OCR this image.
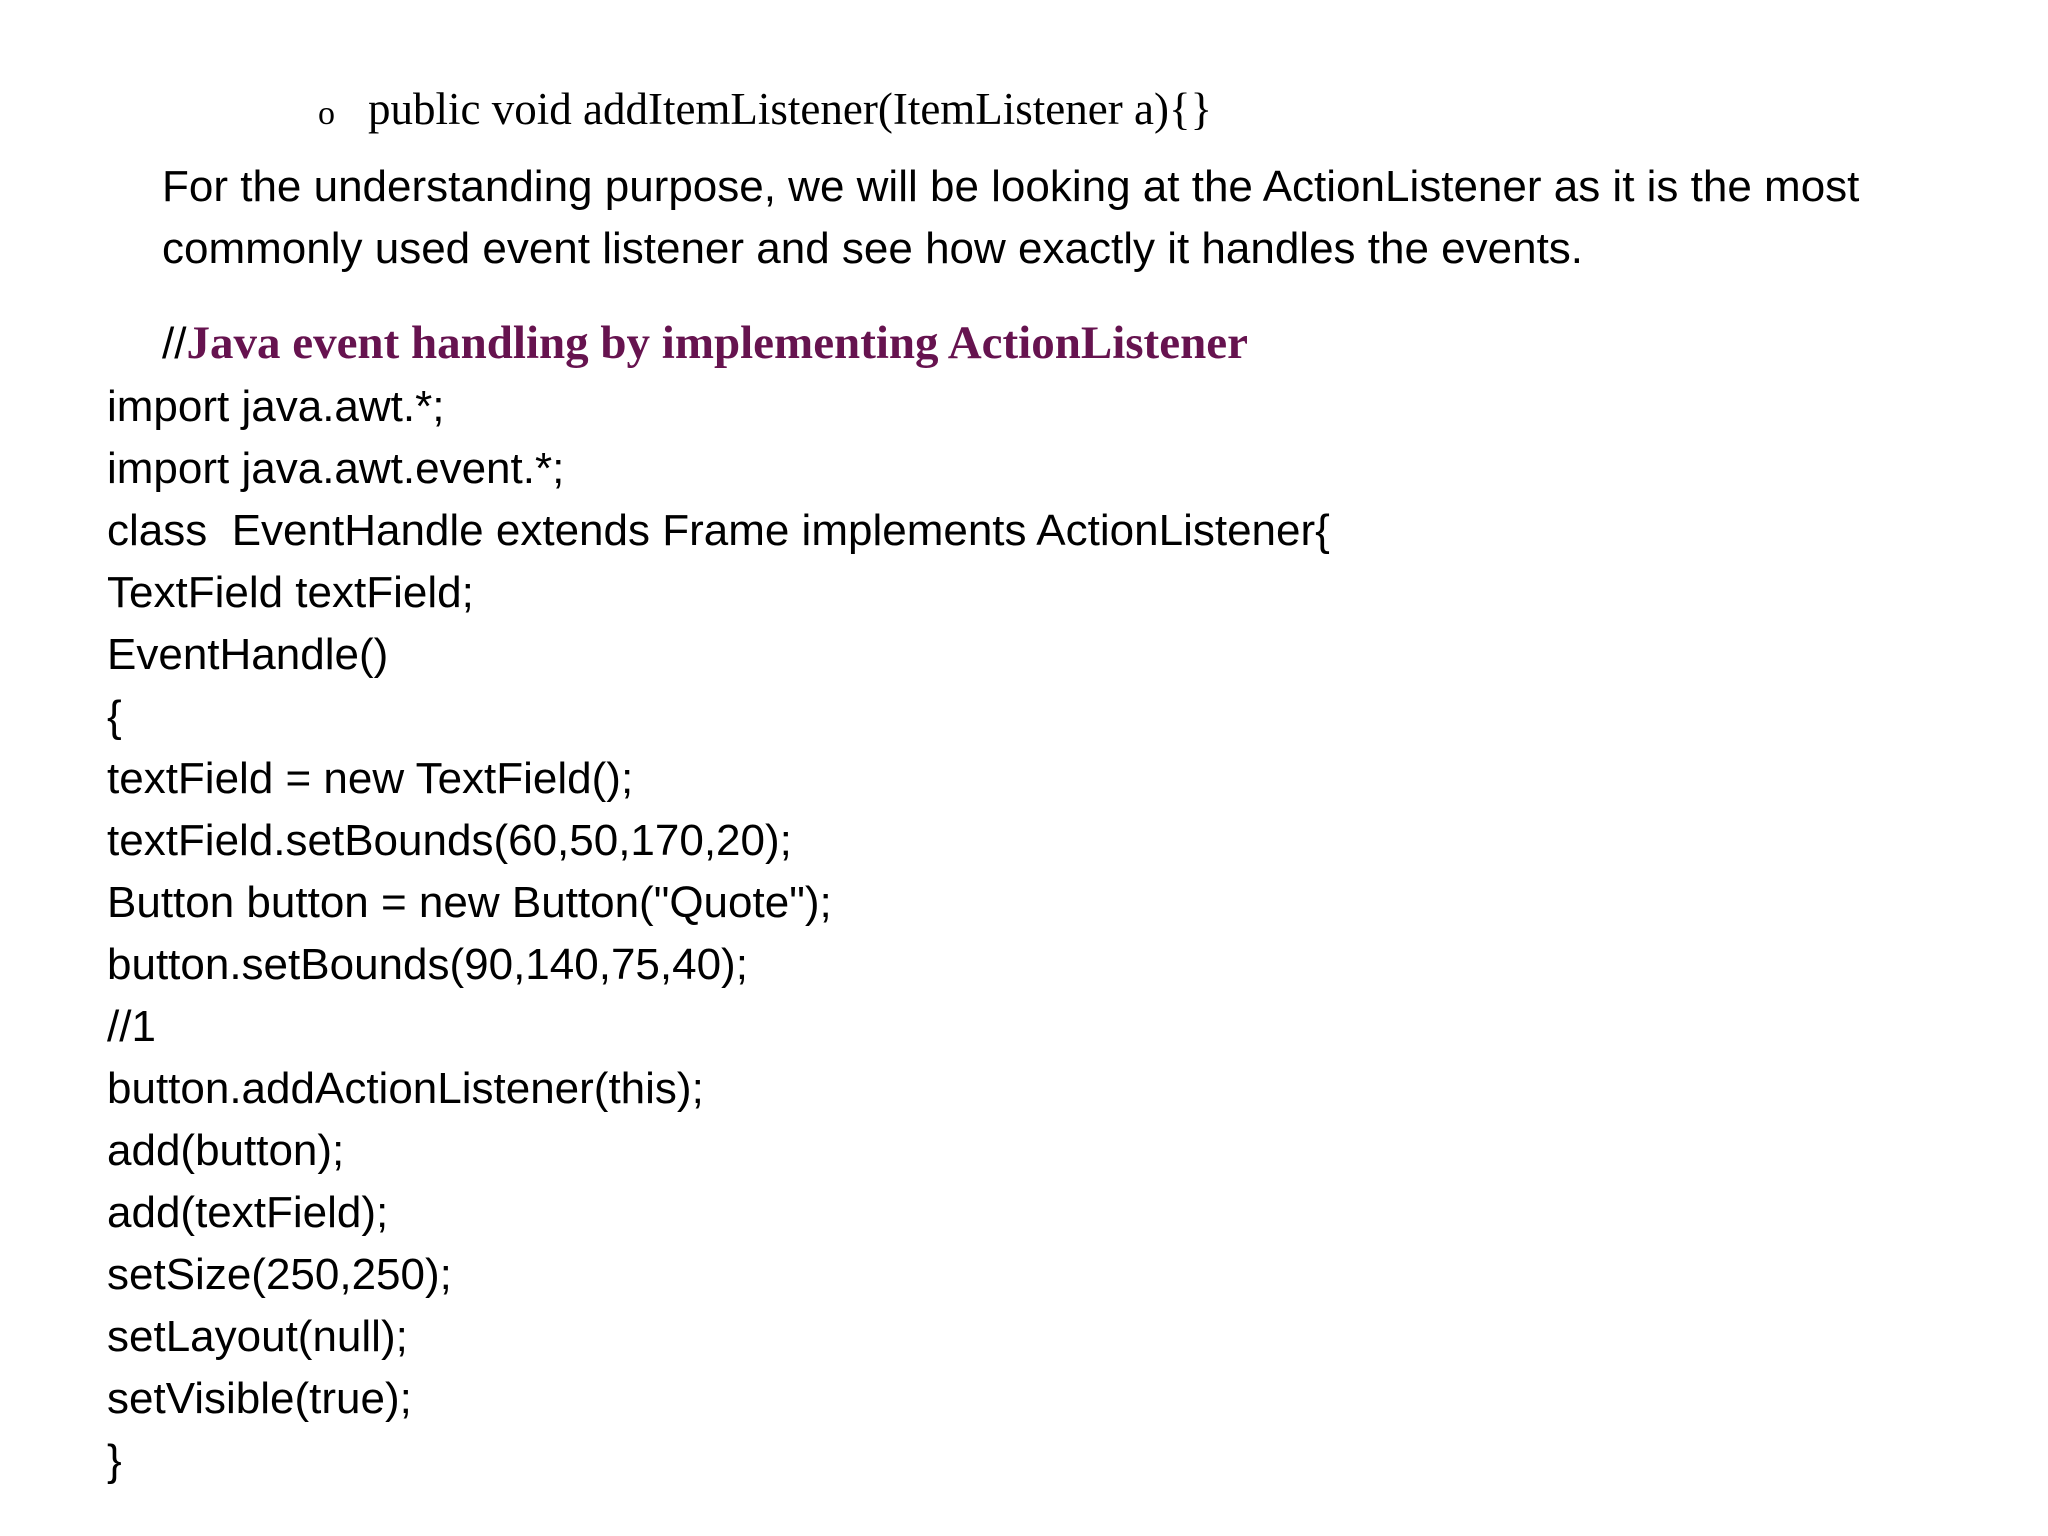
o public void addItemListener(ItemListener a){}
For the understanding purpose, we will be looking at the ActionListener as it is the most
commonly used event listener and see how exactly it handles the events.
//Java event handling by implementing ActionListener
import java.awt.*;
import java.awt.event.*;
class  EventHandle extends Frame implements ActionListener{
TextField textField;
EventHandle()
{
textField = new TextField();
textField.setBounds(60,50,170,20);
Button button = new Button("Quote");
button.setBounds(90,140,75,40);
//1
button.addActionListener(this);
add(button);
add(textField);
setSize(250,250);
setLayout(null);
setVisible(true);
}
